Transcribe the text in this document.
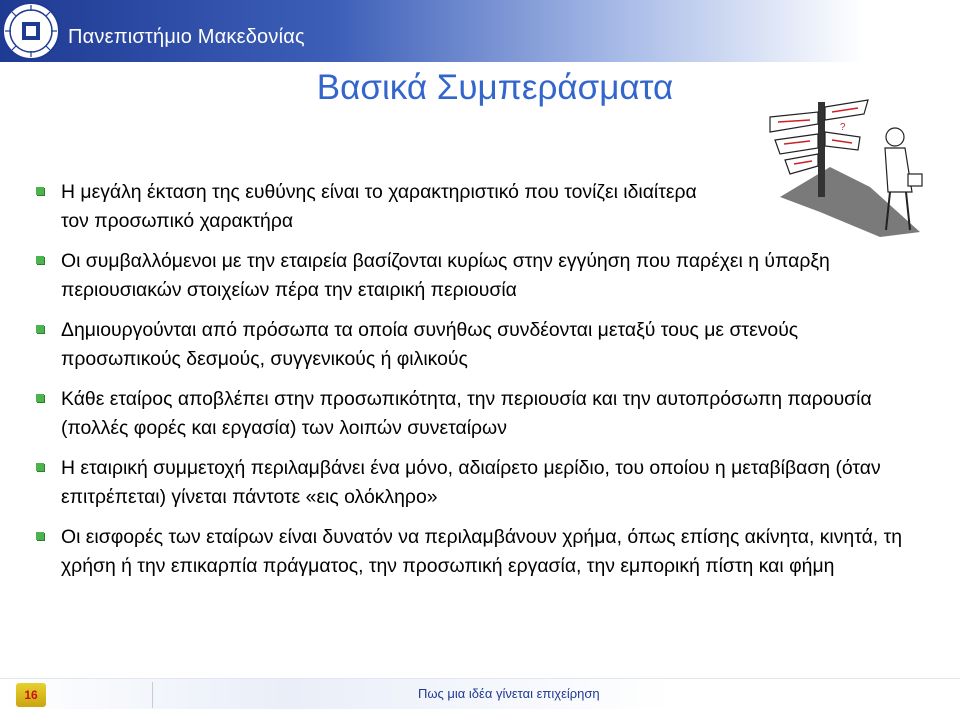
Πανεπιστήμιο Μακεδονίας
Βασικά Συμπεράσματα
?
Η μεγάλη έκταση της ευθύνης είναι το χαρακτηριστικό που τονίζει ιδιαίτερα τον προσωπικό χαρακτήρα
Οι συμβαλλόμενοι με την εταιρεία βασίζονται κυρίως στην εγγύηση που παρέχει η ύπαρξη περιουσιακών στοιχείων πέρα την εταιρική περιουσία
Δημιουργούνται από πρόσωπα τα οποία συνήθως συνδέονται μεταξύ τους με στενούς προσωπικούς δεσμούς, συγγενικούς ή φιλικούς
Κάθε εταίρος αποβλέπει στην προσωπικότητα, την περιουσία και την αυτοπρόσωπη παρουσία (πολλές φορές και εργασία) των λοιπών συνεταίρων
Η εταιρική συμμετοχή περιλαμβάνει ένα μόνο, αδιαίρετο μερίδιο, του οποίου η μεταβίβαση (όταν επιτρέπεται) γίνεται πάντοτε «εις ολόκληρο»
Οι εισφορές των εταίρων είναι δυνατόν να περιλαμβάνουν χρήμα, όπως επίσης ακίνητα, κινητά, τη χρήση ή την επικαρπία πράγματος, την προσωπική εργασία, την εμπορική πίστη και φήμη
16	Πως μια ιδέα γίνεται επιχείρηση
